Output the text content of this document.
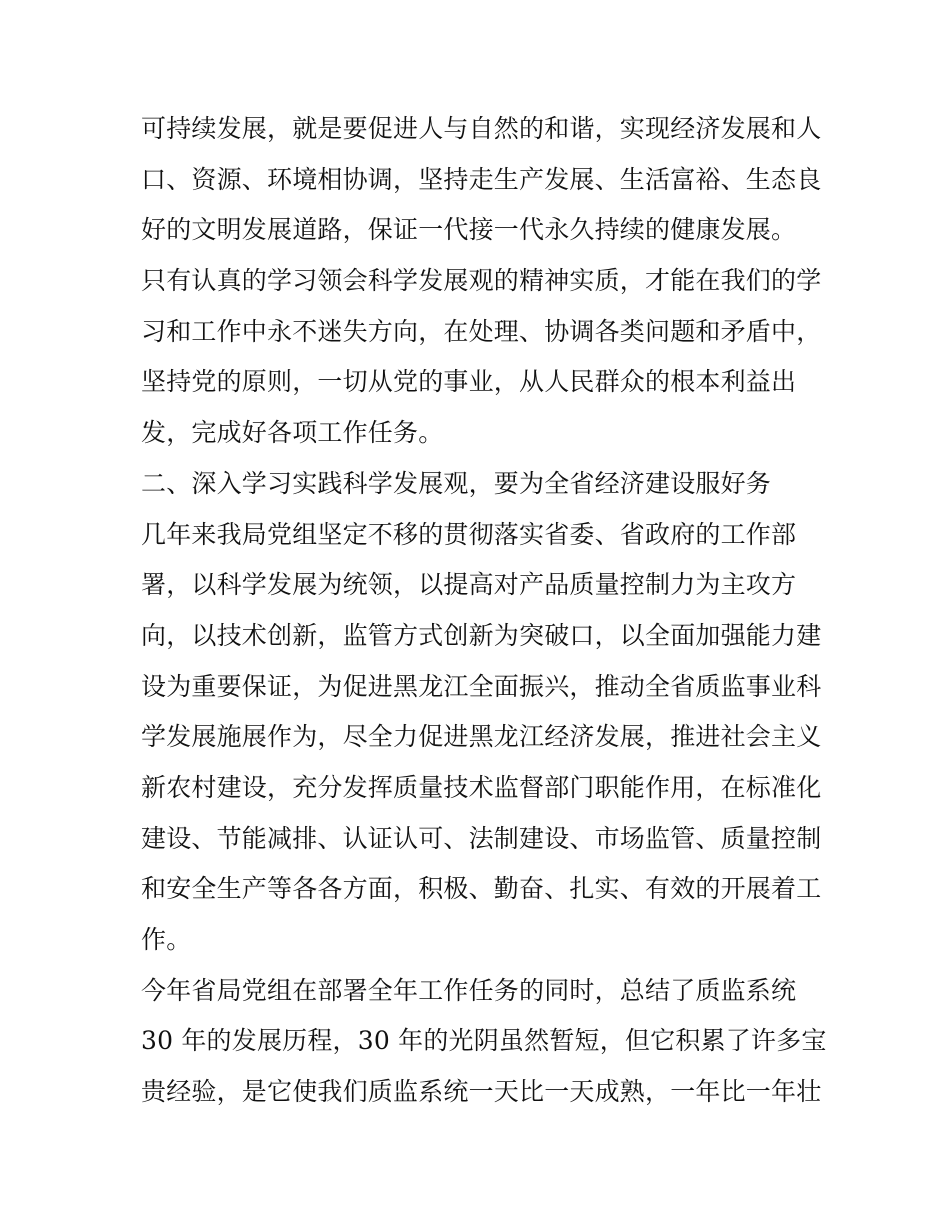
可持续发展，就是要促进人与自然的和谐，实现经济发展和人
口、资源、环境相协调，坚持走生产发展、生活富裕、生态良
好的文明发展道路，保证一代接一代永久持续的健康发展。
只有认真的学习领会科学发展观的精神实质，才能在我们的学
习和工作中永不迷失方向，在处理、协调各类问题和矛盾中，
坚持党的原则，一切从党的事业，从人民群众的根本利益出
发，完成好各项工作任务。
二、深入学习实践科学发展观，要为全省经济建设服好务
几年来我局党组坚定不移的贯彻落实省委、省政府的工作部
署，以科学发展为统领，以提高对产品质量控制力为主攻方
向，以技术创新，监管方式创新为突破口，以全面加强能力建
设为重要保证，为促进黑龙江全面振兴，推动全省质监事业科
学发展施展作为，尽全力促进黑龙江经济发展，推进社会主义
新农村建设，充分发挥质量技术监督部门职能作用，在标准化
建设、节能减排、认证认可、法制建设、市场监管、质量控制
和安全生产等各各方面，积极、勤奋、扎实、有效的开展着工
作。
今年省局党组在部署全年工作任务的同时，总结了质监系统
30 年的发展历程，30 年的光阴虽然暂短，但它积累了许多宝
贵经验，是它使我们质监系统一天比一天成熟，一年比一年壮
